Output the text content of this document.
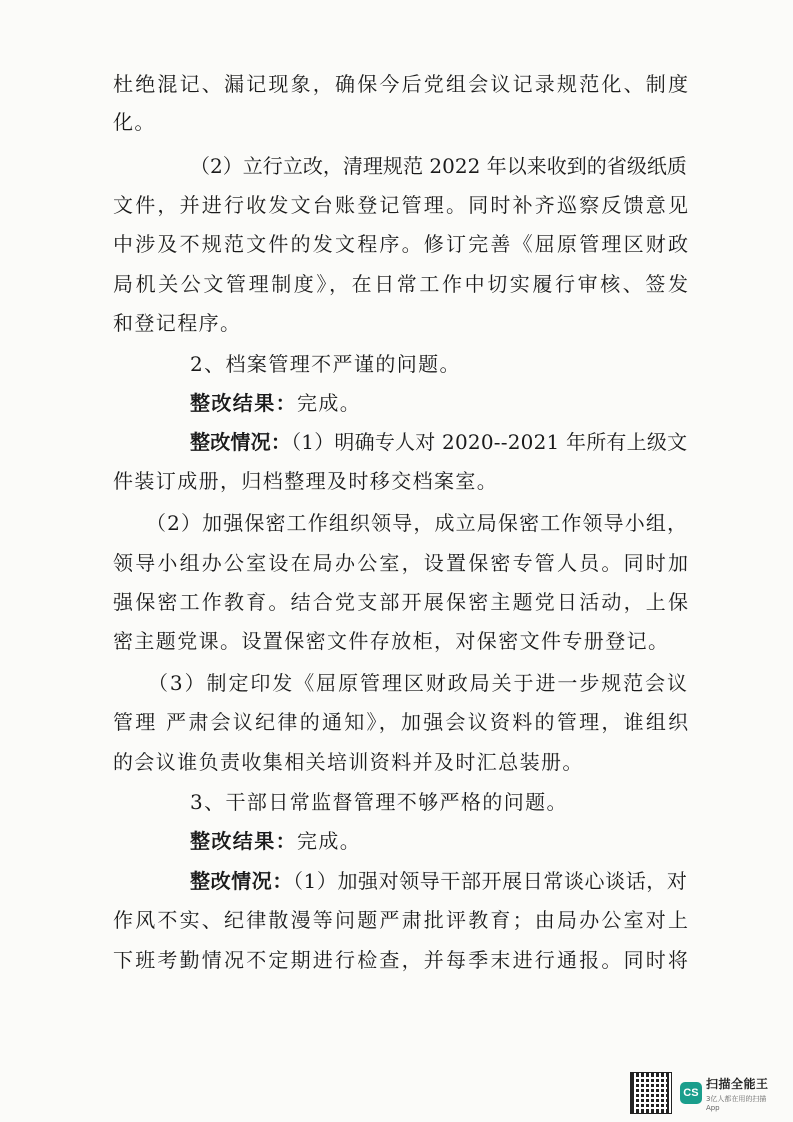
杜绝混记、漏记现象，确保今后党组会议记录规范化、制度
化。
（2）立行立改，清理规范 2022 年以来收到的省级纸质
文件，并进行收发文台账登记管理。同时补齐巡察反馈意见
中涉及不规范文件的发文程序。修订完善《屈原管理区财政
局机关公文管理制度》，在日常工作中切实履行审核、签发
和登记程序。
2、档案管理不严谨的问题。
整改结果：完成。
整改情况：（1）明确专人对 2020--2021 年所有上级文
件装订成册，归档整理及时移交档案室。
（2）加强保密工作组织领导，成立局保密工作领导小组，
领导小组办公室设在局办公室，设置保密专管人员。同时加
强保密工作教育。结合党支部开展保密主题党日活动，上保
密主题党课。设置保密文件存放柜，对保密文件专册登记。
（3）制定印发《屈原管理区财政局关于进一步规范会议
管理 严肃会议纪律的通知》，加强会议资料的管理，谁组织
的会议谁负责收集相关培训资料并及时汇总装册。
3、干部日常监督管理不够严格的问题。
整改结果：完成。
整改情况：（1）加强对领导干部开展日常谈心谈话，对
作风不实、纪律散漫等问题严肃批评教育；由局办公室对上
下班考勤情况不定期进行检查，并每季末进行通报。同时将
CS
扫描全能王
3亿人都在用的扫描App
